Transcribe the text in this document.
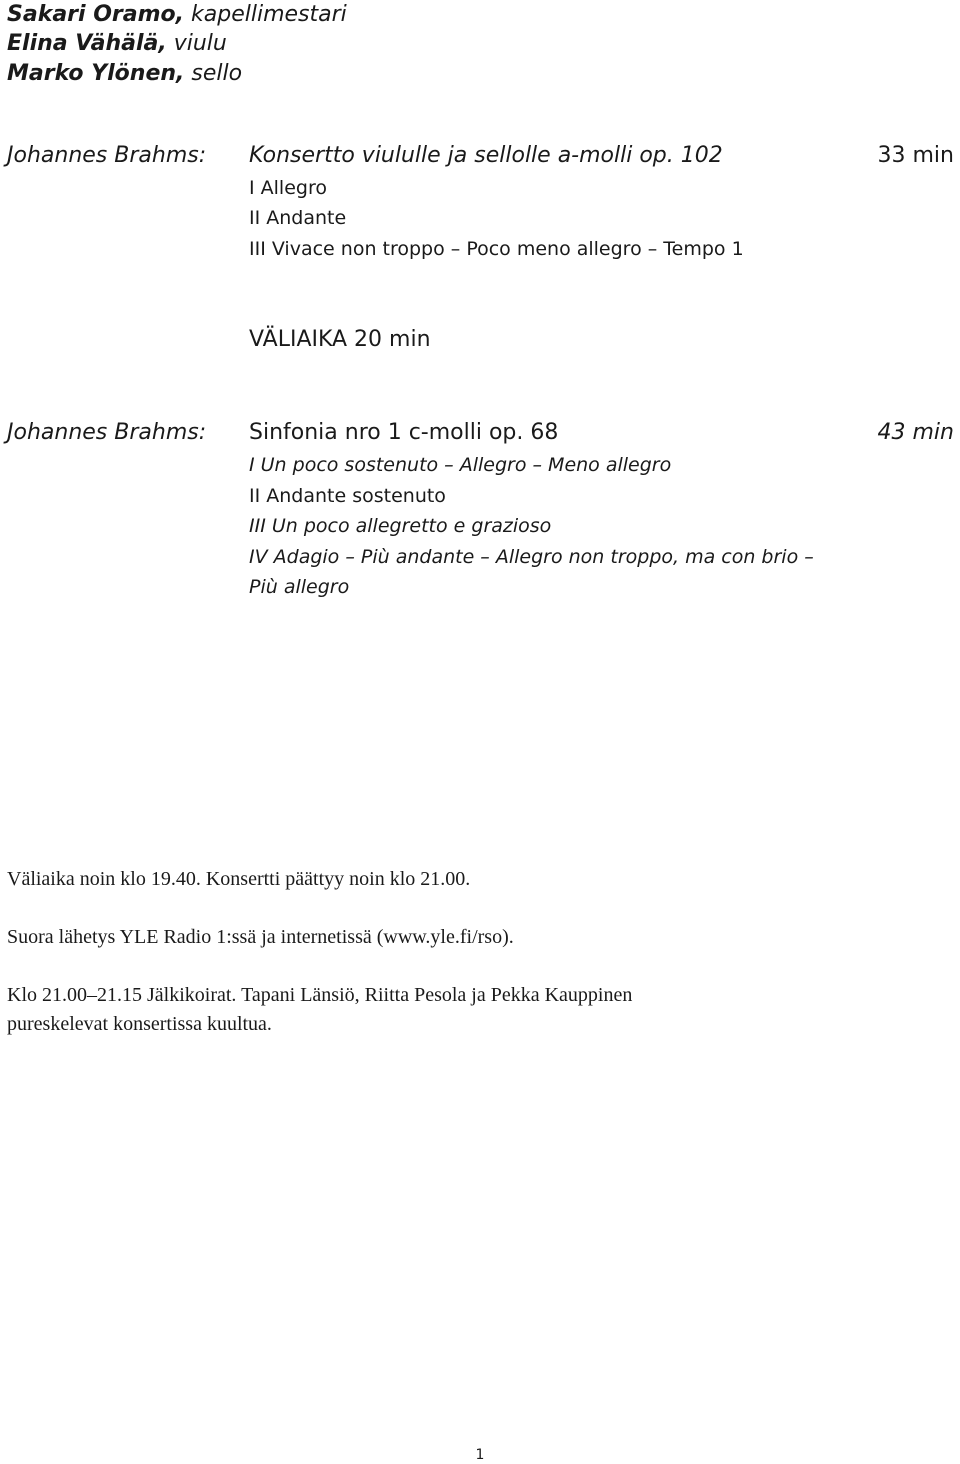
Sakari Oramo, kapellimestari
Elina Vähälä, viulu
Marko Ylönen, sello
Johannes Brahms: Konsertto viululle ja sellolle a-molli op. 102	33 min
I Allegro
II Andante
III Vivace non troppo – Poco meno allegro – Tempo 1
VÄLIAIKA 20 min
Johannes Brahms: Sinfonia nro 1 c-molli op. 68	43 min
I Un poco sostenuto – Allegro – Meno allegro
II Andante sostenuto
III Un poco allegretto e grazioso
IV Adagio – Più andante – Allegro non troppo, ma con brio –
Più allegro
Väliaika noin klo 19.40. Konsertti päättyy noin klo 21.00.
Suora lähetys YLE Radio 1:ssä ja internetissä (www.yle.fi/rso).
Klo 21.00–21.15 Jälkikoirat. Tapani Länsiö, Riitta Pesola ja Pekka Kauppinen
pureskelevat konsertissa kuultua.
1
